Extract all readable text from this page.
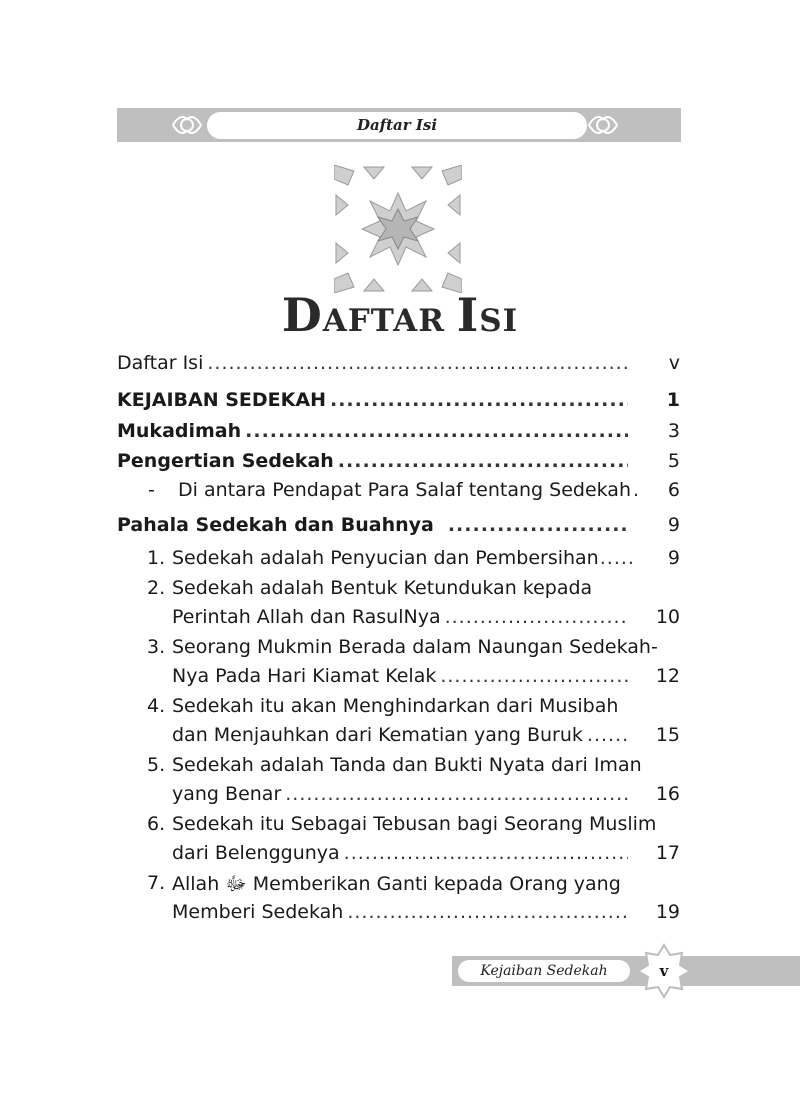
Daftar Isi
DAFTAR ISI
Daftar Isi .....	v
KEJAIBAN SEDEKAH .....	1
Mukadimah .....	3
Pengertian Sedekah .....	5
- Di antara Pendapat Para Salaf tentang Sedekah ..... 6
Pahala Sedekah dan Buahnya .....	9
1. Sedekah adalah Penyucian dan Pembersihan .....	9
2. Sedekah adalah Bentuk Ketundukan kepada
Perintah Allah dan RasulNya .....	10
3. Seorang Mukmin Berada dalam Naungan Sedekah-
Nya Pada Hari Kiamat Kelak .....	12
4. Sedekah itu akan Menghindarkan dari Musibah
dan Menjauhkan dari Kematian yang Buruk .....	15
5. Sedekah adalah Tanda dan Bukti Nyata dari Iman
yang Benar .....	16
6. Sedekah itu Sebagai Tebusan bagi Seorang Muslim
dari Belenggunya .....	17
7. Allah ﷻ Memberikan Ganti kepada Orang yang
Memberi Sedekah .....	19
Kejaiban Sedekah	v
